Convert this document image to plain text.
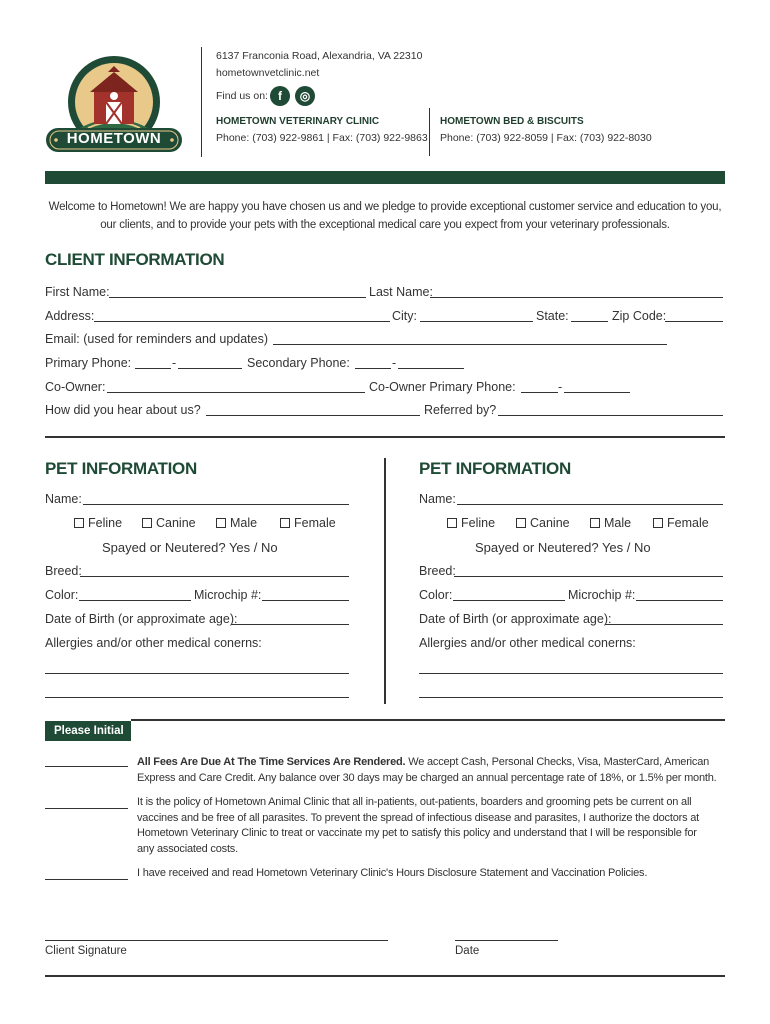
HOMETOWN
6137 Franconia Road, Alexandria, VA 22310
hometownvetclinic.net
Find us on: f	◎
HOMETOWN VETERINARY CLINIC
Phone: (703) 922-9861 | Fax: (703) 922-9863
HOMETOWN BED & BISCUITS
Phone: (703) 922-8059 | Fax: (703) 922-8030
Welcome to Hometown! We are happy you have chosen us and we pledge to provide exceptional customer service and education to you,
our clients, and to provide your pets with the exceptional medical care you expect from your veterinary professionals.
CLIENT INFORMATION
First Name:	Last Name:
Address:	City:	State:	Zip Code:
Email: (used for reminders and updates)
Primary Phone:	-	Secondary Phone:	-
Co-Owner:	Co-Owner Primary Phone:	-
How did you hear about us?	Referred by?
PET INFORMATION
Name:
Feline	Canine	Male	Female
Spayed or Neutered? Yes / No
Breed:
Color:	Microchip #:
Date of Birth (or approximate age):
Allergies and/or other medical conerns:
PET INFORMATION
Name:
Feline	Canine	Male	Female
Spayed or Neutered? Yes / No
Breed:
Color:	Microchip #:
Date of Birth (or approximate age):
Allergies and/or other medical conerns:
Please Initial
All Fees Are Due At The Time Services Are Rendered. We accept Cash, Personal Checks, Visa, MasterCard, American
Express and Care Credit. Any balance over 30 days may be charged an annual percentage rate of 18%, or 1.5% per month.
It is the policy of Hometown Animal Clinic that all in-patients, out-patients, boarders and grooming pets be current on all
vaccines and be free of all parasites. To prevent the spread of infectious disease and parasites, I authorize the doctors at
Hometown Veterinary Clinic to treat or vaccinate my pet to satisfy this policy and understand that I will be responsible for
any associated costs.
I have received and read Hometown Veterinary Clinic's Hours Disclosure Statement and Vaccination Policies.
Client Signature	Date
